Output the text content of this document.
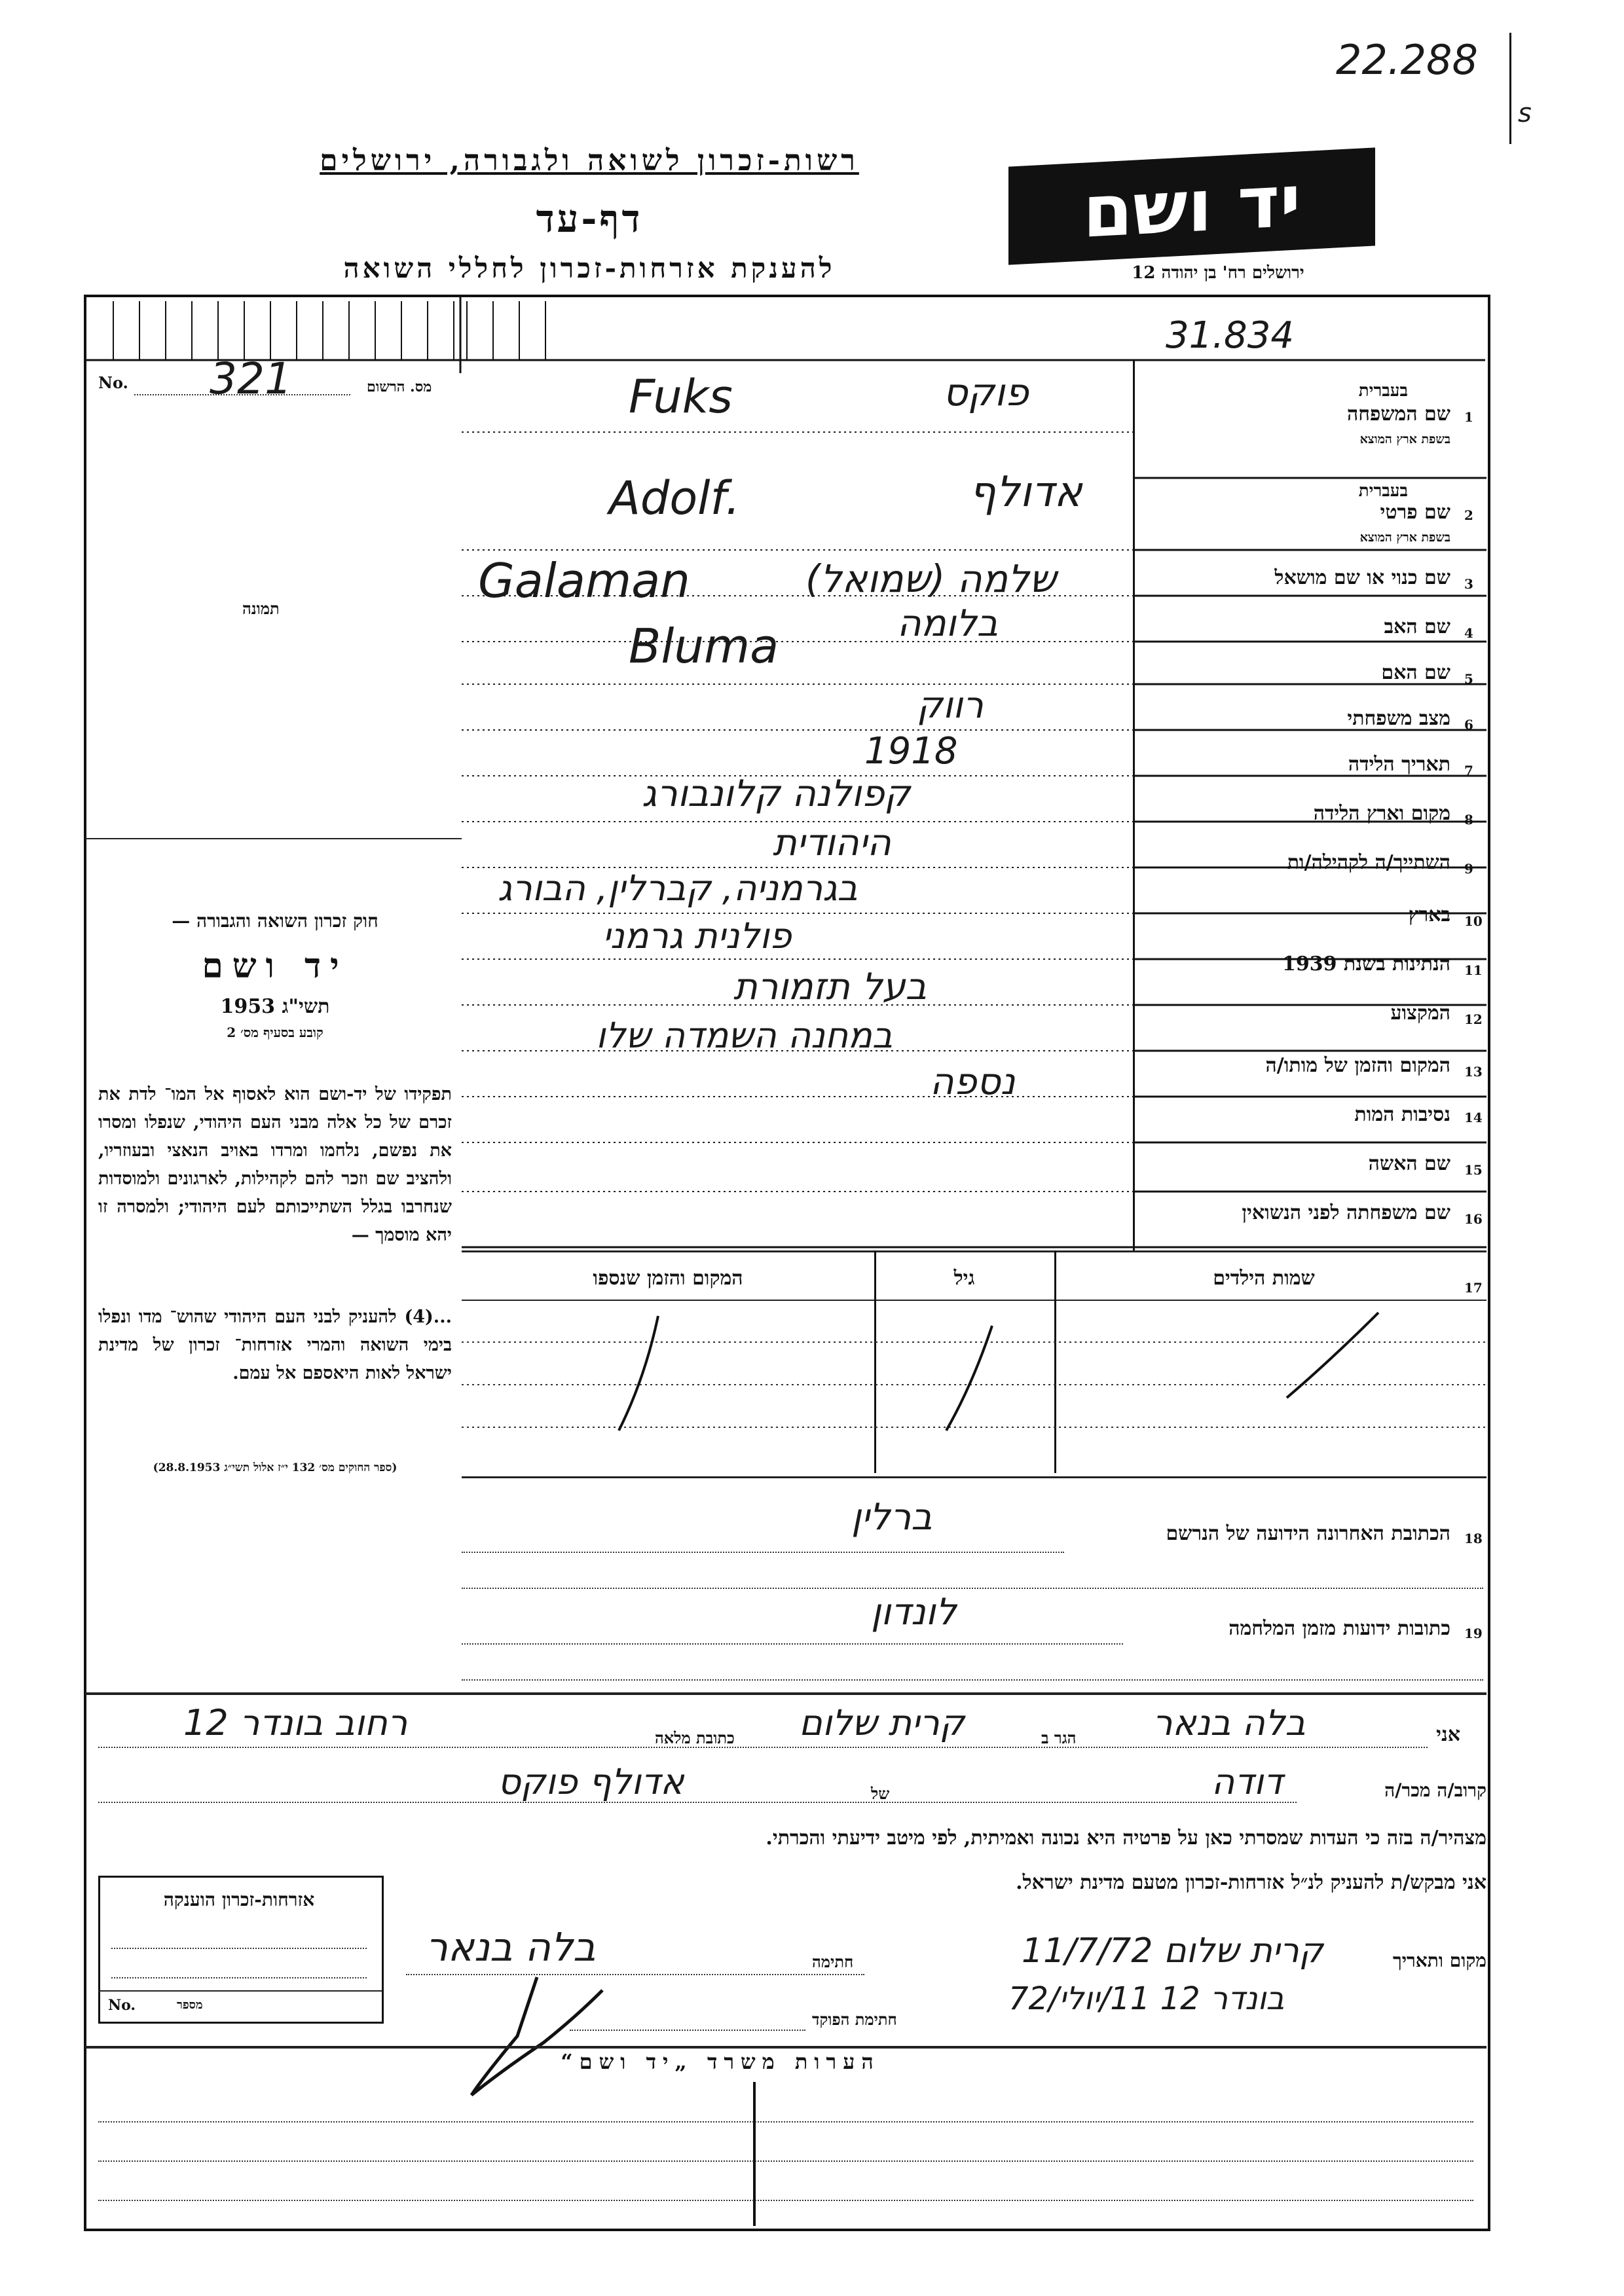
22.288
s
רשות-זכרון לשואה ולגבורה, ירושלים
דף-עד
להענקת אזרחות-זכרון לחללי השואה
יד ושם
ירושלים רח' בן יהודה 12
31.834
No. 321	מס. הרשום
תמונה
חוק זכרון השואה והגבורה —
יד ושם
תשי"ג 1953
קובע בסעיף מס׳ 2
תפקידו של יד-ושם הוא לאסוף אל המו־ לדת את זכרם של כל אלה מבני העם היהודי, שנפלו ומסרו את נפשם, נלחמו ומרדו באויב הנאצי ובעוזריו, ולהציב שם וזכר להם לקהילות, לארגונים ולמוסדות שנחרבו בגלל השתייכותם לעם היהודי; ולמסרה זו יהא מוסמך —
...(4) להעניק לבני העם היהודי שהוש־ מדו ונפלו בימי השואה והמרי אזרחות־ זכרון של מדינת ישראל לאות היאספם אל עמם.
(ספר החוקים מס׳ 132 י״ז אלול תשי״ג 28.8.1953)
1
שם המשפחה
בעברית
בשפת ארץ המוצא
פוקס
Fuks
2
שם פרטי
בעברית
בשפת ארץ המוצא
אדולף
Adolf.
3
שם כנוי או שם מושאל
שלמה (שמואל)
Galaman
4
שם האב
בלומה
Bluma
5
שם האם
6
מצב משפחתי
רווק
7
תאריך הלידה
1918
8
מקום וארץ הלידה
קפולנה קלונבורג
9
השתייך/ה לקהילה/ות
היהודית
10
בארץ
בגרמניה, קברלין, הבורג
11
הנתינות בשנת 1939
פולנית גרמני
12
המקצוע
בעל תזמורת
13
המקום והזמן של מותו/ה
במחנה השמדה שלו
14
נסיבות המות
נספה
15
שם האשה
16
שם משפחתה לפני הנשואין
17
שמות הילדים
גיל
המקום והזמן שנספו
18
הכתובת האחרונה הידועה של הנרשם
ברלין
19
כתובות ידועות מזמן המלחמה
לונדון
אני
בלה בנאר
הגר ב
קרית שלום
כתובת מלאה
רחוב בונדר 12
קרוב/ה מכר/ה
דודה
של
אדולף פוקס
מצהיר/ה בזה כי העדות שמסרתי כאן על פרטיה היא נכונה ואמיתית, לפי מיטב ידיעתי והכרתי.
אני מבקש/ת להעניק לנ״ל אזרחות-זכרון מטעם מדינת ישראל.
אזרחות-זכרון הוענקה
No.	מספר
מקום ותאריך
קרית שלום 11/7/72
בונדר 12 11/יולי/72
חתימה
בלה בנאר
חתימת הפוקד
הערות משרד „יד ושם“
